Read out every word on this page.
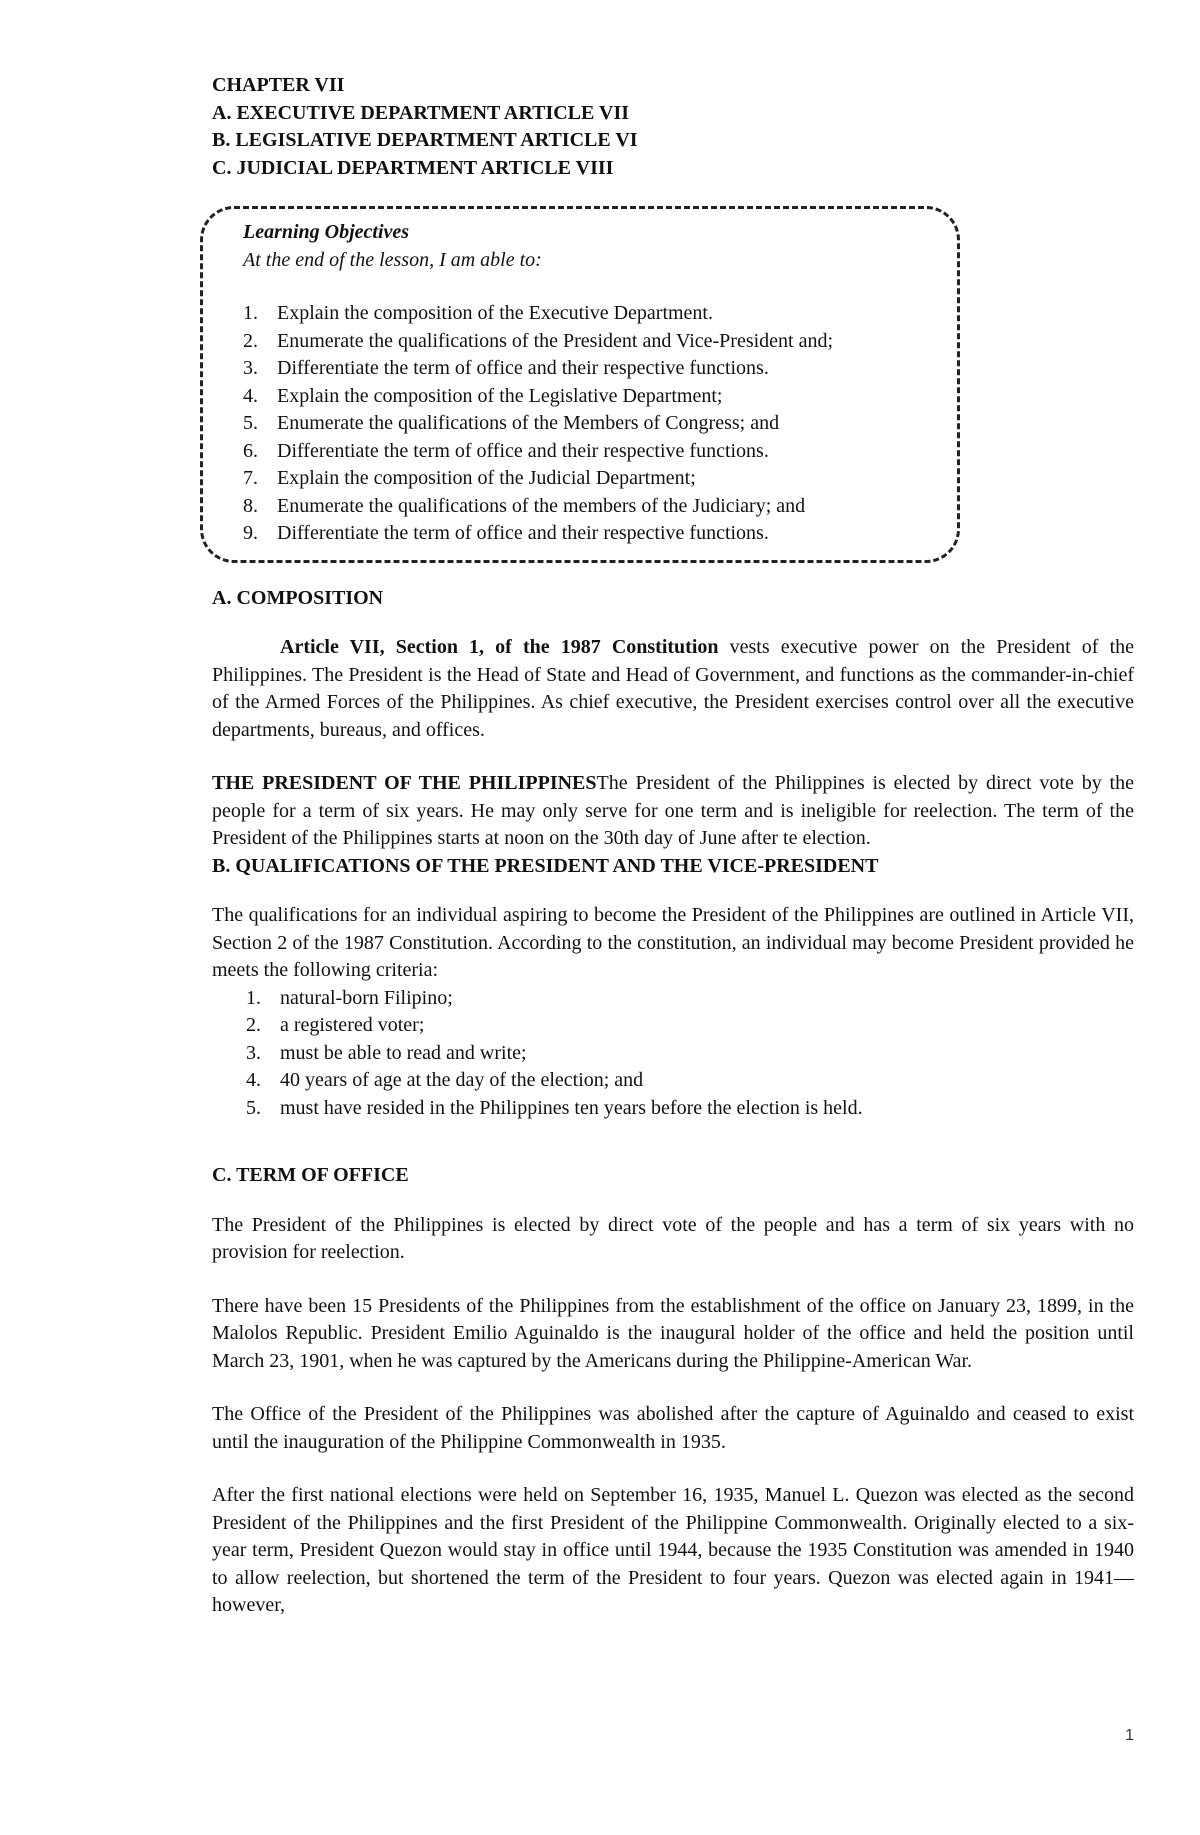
CHAPTER VII

A. EXECUTIVE DEPARTMENT ARTICLE VII

B. LEGISLATIVE DEPARTMENT ARTICLE VI

C. JUDICIAL DEPARTMENT ARTICLE VIII

Learning Objectives

At the end of the lesson, I am able to:

1. Explain the composition of the Executive Department.
2. Enumerate the qualifications of the President and Vice-President and;
3. Differentiate the term of office and their respective functions.
4. Explain the composition of the Legislative Department;
5. Enumerate the qualifications of the Members of Congress; and
6. Differentiate the term of office and their respective functions.
7. Explain the composition of the Judicial Department;
8. Enumerate the qualifications of the members of the Judiciary; and
9. Differentiate the term of office and their respective functions.

A. COMPOSITION

Article VII, Section 1, of the 1987 Constitution vests executive power on the President of the Philippines. The President is the Head of State and Head of Government, and functions as the commander-in-chief of the Armed Forces of the Philippines. As chief executive, the President exercises control over all the executive departments, bureaus, and offices.

THE PRESIDENT OF THE PHILIPPINESThe President of the Philippines is elected by direct vote by the people for a term of six years. He may only serve for one term and is ineligible for reelection. The term of the President of the Philippines starts at noon on the 30th day of June after te election.

B. QUALIFICATIONS OF THE PRESIDENT AND THE VICE-PRESIDENT

The qualifications for an individual aspiring to become the President of the Philippines are outlined in Article VII, Section 2 of the 1987 Constitution. According to the constitution, an individual may become President provided he meets the following criteria:

1. natural-born Filipino;
2. a registered voter;
3. must be able to read and write;
4. 40 years of age at the day of the election; and
5. must have resided in the Philippines ten years before the election is held.

C. TERM OF OFFICE

The President of the Philippines is elected by direct vote of the people and has a term of six years with no provision for reelection.

There have been 15 Presidents of the Philippines from the establishment of the office on January 23, 1899, in the Malolos Republic. President Emilio Aguinaldo is the inaugural holder of the office and held the position until March 23, 1901, when he was captured by the Americans during the Philippine-American War.

The Office of the President of the Philippines was abolished after the capture of Aguinaldo and ceased to exist until the inauguration of the Philippine Commonwealth in 1935.

After the first national elections were held on September 16, 1935, Manuel L. Quezon was elected as the second President of the Philippines and the first President of the Philippine Commonwealth. Originally elected to a six-year term, President Quezon would stay in office until 1944, because the 1935 Constitution was amended in 1940 to allow reelection, but shortened the term of the President to four years. Quezon was elected again in 1941—however,

1
